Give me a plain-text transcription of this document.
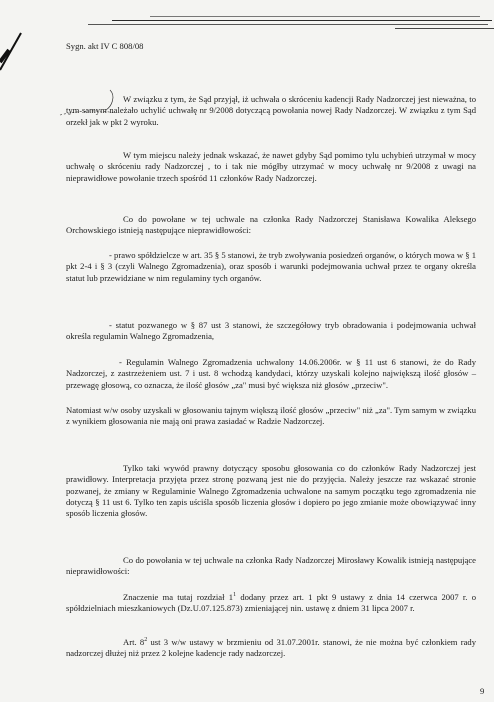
Sygn. akt IV C 808/08

W związku z tym, że Sąd przyjął, iż uchwała o skróceniu kadencji Rady Nadzorczej jest nieważna, to tym samym należało uchylić uchwałę nr 9/2008 dotyczącą powołania nowej Rady Nadzorczej. W związku z tym Sąd orzekł jak w pkt 2 wyroku.

W tym miejscu należy jednak wskazać, że nawet gdyby Sąd pomimo tylu uchybień utrzymał w mocy uchwałę o skróceniu rady Nadzorczej , to i tak nie mógłby utrzymać w mocy uchwałę nr 9/2008 z uwagi na nieprawidłowe powołanie trzech spośród 11 członków Rady Nadzorczej.

Co do powołane w tej uchwale na członka Rady Nadzorczej Stanisława Kowalika Aleksego Orchowskiego istnieją następujące nieprawidłowości:

- prawo spółdzielcze w art. 35 § 5 stanowi, że tryb zwoływania posiedzeń organów, o których mowa w § 1 pkt 2-4 i § 3 (czyli Walnego Zgromadzenia), oraz sposób i warunki podejmowania uchwał przez te organy określa statut lub przewidziane w nim regulaminy tych organów.

- statut pozwanego w § 87 ust 3 stanowi, że szczegółowy tryb obradowania i podejmowania uchwał określa regulamin Walnego Zgromadzenia,

- Regulamin Walnego Zgromadzenia uchwalony 14.06.2006r. w § 11 ust 6 stanowi, że do Rady Nadzorczej, z zastrzeżeniem ust. 7 i ust. 8 wchodzą kandydaci, którzy uzyskali kolejno największą ilość głosów – przewagę głosową, co oznacza, że ilość głosów „za" musi być większa niż głosów „przeciw".

Natomiast w/w osoby uzyskali w głosowaniu tajnym większą ilość głosów „przeciw" niż „za". Tym samym w związku z wynikiem głosowania nie mają oni prawa zasiadać w Radzie Nadzorczej.

Tylko taki wywód prawny dotyczący sposobu głosowania co do członków Rady Nadzorczej jest prawidłowy. Interpretacja przyjęta przez stronę pozwaną jest nie do przyjęcia. Należy jeszcze raz wskazać stronie pozwanej, że zmiany w Regulaminie Walnego Zgromadzenia uchwalone na samym początku tego zgromadzenia nie dotyczą § 11 ust 6. Tylko ten zapis uściśla sposób liczenia głosów i dopiero po jego zmianie może obowiązywać inny sposób liczenia głosów.

Co do powołania w tej uchwale na członka Rady Nadzorczej Mirosławy Kowalik istnieją następujące nieprawidłowości:

Znaczenie ma tutaj rozdział $1^1$ dodany przez art. 1 pkt 9 ustawy z dnia 14 czerwca 2007 r. o spółdzielniach mieszkaniowych (Dz.U.07.125.873) zmieniającej nin. ustawę z dniem 31 lipca 2007 r.

Art. $8^2$ ust 3 w/w ustawy w brzmieniu od 31.07.2001r. stanowi, że nie można być członkiem rady nadzorczej dłużej niż przez 2 kolejne kadencje rady nadzorczej.

9
